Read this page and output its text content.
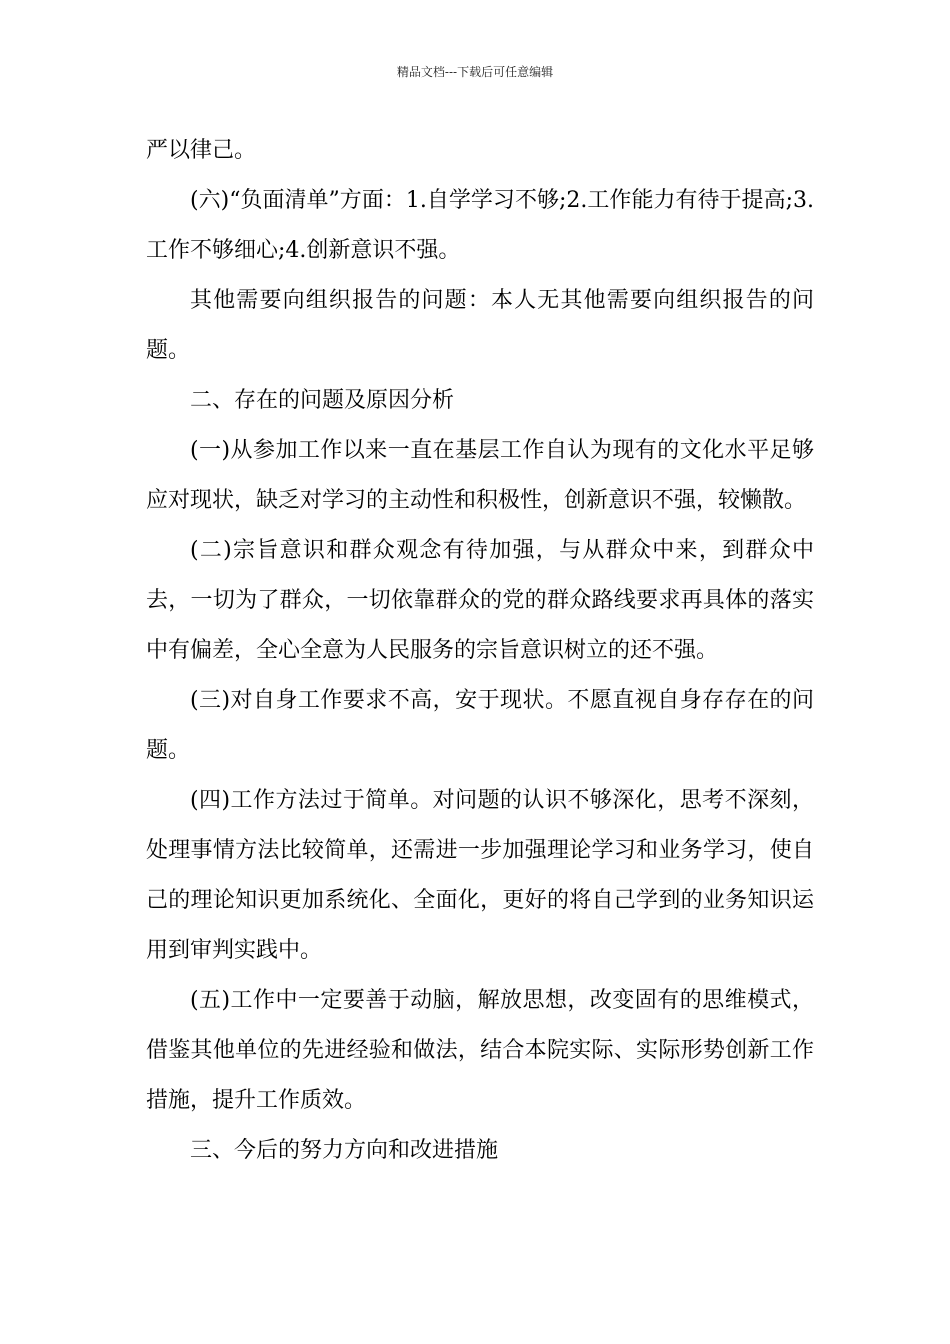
精品文档---下载后可任意编辑

严以律己。

(六)“负面清单”方面：1.自学学习不够;2.工作能力有待于提高;3.工作不够细心;4.创新意识不强。

其他需要向组织报告的问题：本人无其他需要向组织报告的问题。

二、存在的问题及原因分析

(一)从参加工作以来一直在基层工作自认为现有的文化水平足够应对现状，缺乏对学习的主动性和积极性，创新意识不强，较懒散。

(二)宗旨意识和群众观念有待加强，与从群众中来，到群众中去，一切为了群众，一切依靠群众的党的群众路线要求再具体的落实中有偏差，全心全意为人民服务的宗旨意识树立的还不强。

(三)对自身工作要求不高，安于现状。不愿直视自身存存在的问题。

(四)工作方法过于简单。对问题的认识不够深化，思考不深刻，处理事情方法比较简单，还需进一步加强理论学习和业务学习，使自己的理论知识更加系统化、全面化，更好的将自己学到的业务知识运用到审判实践中。

(五)工作中一定要善于动脑，解放思想，改变固有的思维模式，借鉴其他单位的先进经验和做法，结合本院实际、实际形势创新工作措施，提升工作质效。

三、今后的努力方向和改进措施
